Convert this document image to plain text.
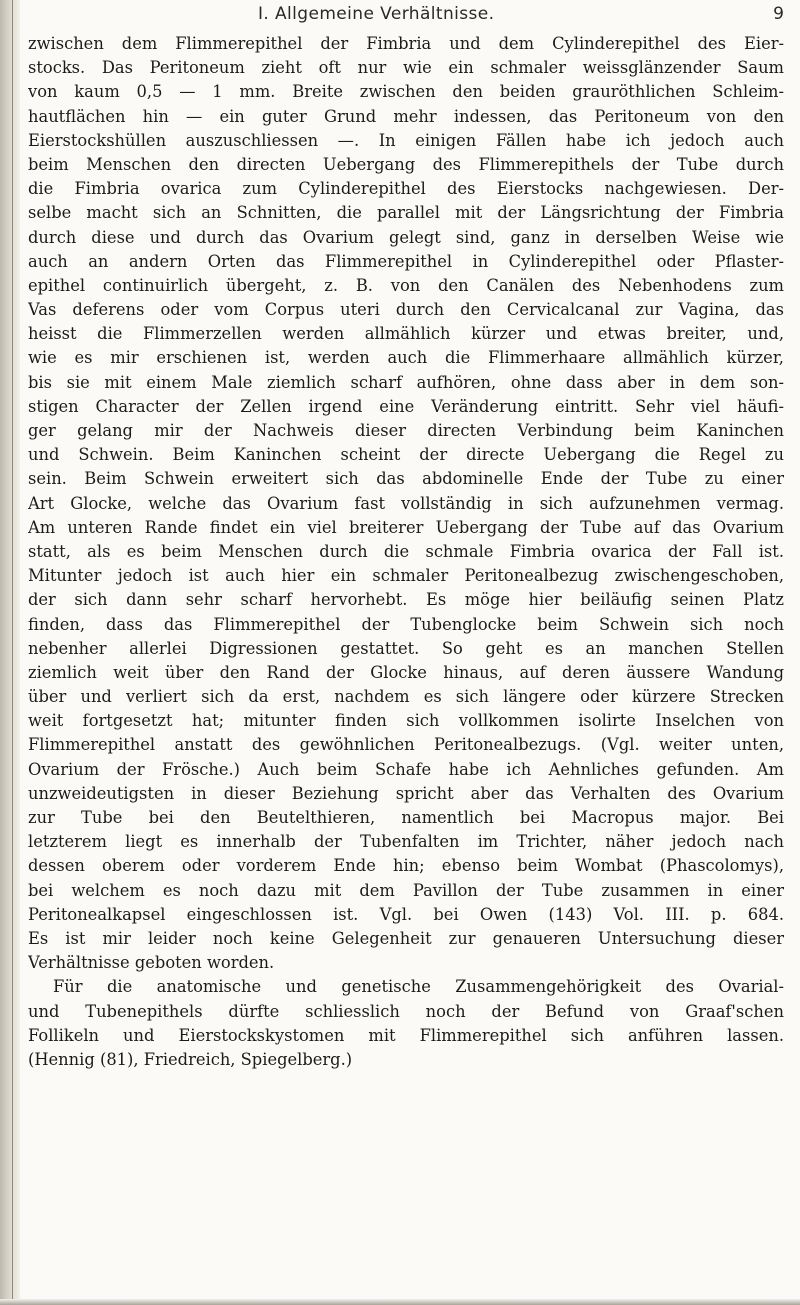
I. Allgemeine Verhältnisse.	9
zwischen dem Flimmerepithel der Fimbria und dem Cylinderepithel des Eier-
stocks. Das Peritoneum zieht oft nur wie ein schmaler weissglänzender Saum
von kaum 0,5 — 1 mm. Breite zwischen den beiden grauröthlichen Schleim-
hautflächen hin — ein guter Grund mehr indessen, das Peritoneum von den
Eierstockshüllen auszuschliessen —. In einigen Fällen habe ich jedoch auch
beim Menschen den directen Uebergang des Flimmerepithels der Tube durch
die Fimbria ovarica zum Cylinderepithel des Eierstocks nachgewiesen. Der-
selbe macht sich an Schnitten, die parallel mit der Längsrichtung der Fimbria
durch diese und durch das Ovarium gelegt sind, ganz in derselben Weise wie
auch an andern Orten das Flimmerepithel in Cylinderepithel oder Pflaster-
epithel continuirlich übergeht, z. B. von den Canälen des Nebenhodens zum
Vas deferens oder vom Corpus uteri durch den Cervicalcanal zur Vagina, das
heisst die Flimmerzellen werden allmählich kürzer und etwas breiter, und,
wie es mir erschienen ist, werden auch die Flimmerhaare allmählich kürzer,
bis sie mit einem Male ziemlich scharf aufhören, ohne dass aber in dem son-
stigen Character der Zellen irgend eine Veränderung eintritt. Sehr viel häufi-
ger gelang mir der Nachweis dieser directen Verbindung beim Kaninchen
und Schwein. Beim Kaninchen scheint der directe Uebergang die Regel zu
sein. Beim Schwein erweitert sich das abdominelle Ende der Tube zu einer
Art Glocke, welche das Ovarium fast vollständig in sich aufzunehmen vermag.
Am unteren Rande findet ein viel breiterer Uebergang der Tube auf das Ovarium
statt, als es beim Menschen durch die schmale Fimbria ovarica der Fall ist.
Mitunter jedoch ist auch hier ein schmaler Peritonealbezug zwischengeschoben,
der sich dann sehr scharf hervorhebt. Es möge hier beiläufig seinen Platz
finden, dass das Flimmerepithel der Tubenglocke beim Schwein sich noch
nebenher allerlei Digressionen gestattet. So geht es an manchen Stellen
ziemlich weit über den Rand der Glocke hinaus, auf deren äussere Wandung
über und verliert sich da erst, nachdem es sich längere oder kürzere Strecken
weit fortgesetzt hat; mitunter finden sich vollkommen isolirte Inselchen von
Flimmerepithel anstatt des gewöhnlichen Peritonealbezugs. (Vgl. weiter unten,
Ovarium der Frösche.) Auch beim Schafe habe ich Aehnliches gefunden. Am
unzweideutigsten in dieser Beziehung spricht aber das Verhalten des Ovarium
zur Tube bei den Beutelthieren, namentlich bei Macropus major. Bei
letzterem liegt es innerhalb der Tubenfalten im Trichter, näher jedoch nach
dessen oberem oder vorderem Ende hin; ebenso beim Wombat (Phascolomys),
bei welchem es noch dazu mit dem Pavillon der Tube zusammen in einer
Peritonealkapsel eingeschlossen ist. Vgl. bei Owen (143) Vol. III. p. 684.
Es ist mir leider noch keine Gelegenheit zur genaueren Untersuchung dieser
Verhältnisse geboten worden.
Für die anatomische und genetische Zusammengehörigkeit des Ovarial-
und Tubenepithels dürfte schliesslich noch der Befund von Graaf'schen
Follikeln und Eierstockskystomen mit Flimmerepithel sich anführen lassen.
(Hennig (81), Friedreich, Spiegelberg.)
